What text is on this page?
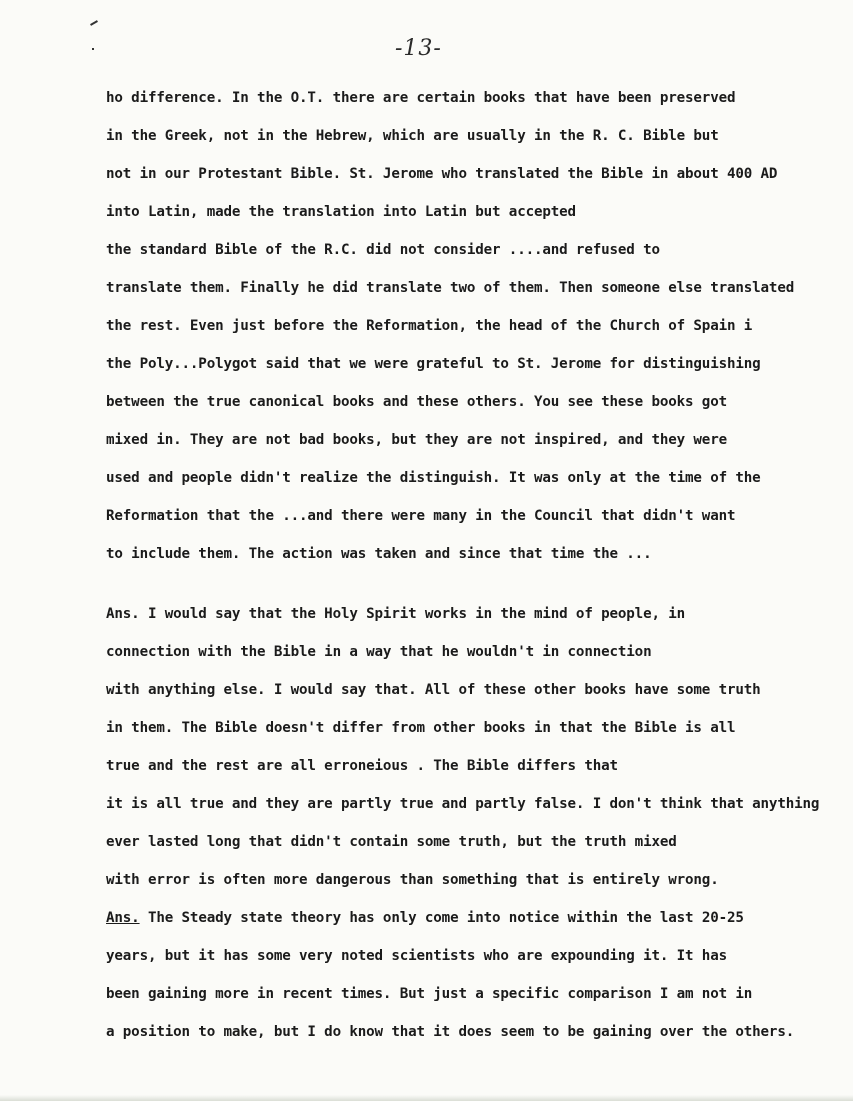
-13-
ho difference. In the O.T. there are certain books that have been preserved
in the Greek, not in the Hebrew, which are usually in the R. C. Bible but
not in our Protestant Bible. St. Jerome who translated the Bible in about 400 AD
into Latin, made the translation into Latin but accepted
the standard Bible of the R.C. did not consider ....and refused to
translate them. Finally he did translate two of them. Then someone else translated
the rest. Even just before the Reformation, the head of the Church of Spain i
the Poly...Polygot said that we were grateful to St. Jerome for distinguishing
between the true canonical books and these others. You see these books got
mixed in. They are not bad books, but they are not inspired, and they were
used and people didn't realize the distinguish. It was only at the time of the
Reformation that the ...and there were many in the Council that didn't want
to include them. The action was taken and since that time the ...
Ans. I would say that the Holy Spirit works in the mind of people, in
connection with the Bible in a way that he wouldn't in connection
with anything else. I would say that. All of these other books have some truth
in them. The Bible doesn't differ from other books in that the Bible is all
true and the rest are all erroneious . The Bible differs that
it is all true and they are partly true and partly false. I don't think that anything
ever lasted long that didn't contain some truth, but the truth mixed
with error is often more dangerous than something that is entirely wrong.
Ans. The Steady state theory has only come into notice within the last 20-25
years, but it has some very noted scientists who are expounding it. It has
been gaining more in recent times. But just a specific comparison I am not in
a position to make, but I do know that it does seem to be gaining over the others.
